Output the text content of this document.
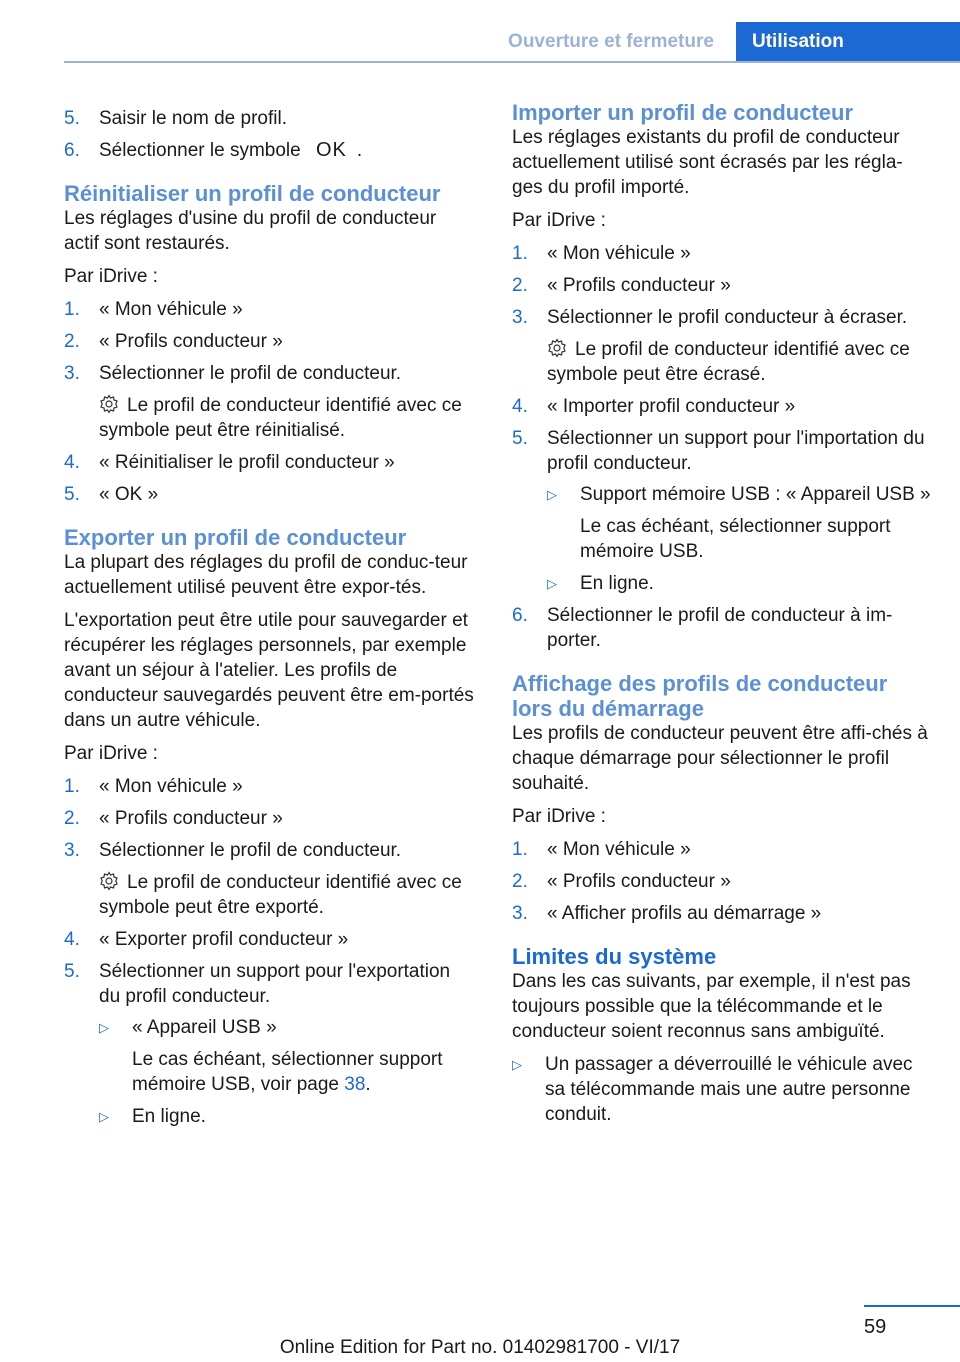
Ouverture et fermeture	Utilisation
5. Saisir le nom de profil.
6. Sélectionner le symbole OK .
Réinitialiser un profil de conducteur

Les réglages d'usine du profil de conducteur actif sont restaurés.

Par iDrive :

1. « Mon véhicule »
2. « Profils conducteur »
3. Sélectionner le profil de conducteur.
Le profil de conducteur identifié avec ce symbole peut être réinitialisé.
4. « Réinitialiser le profil conducteur »
5. « OK »
Exporter un profil de conducteur

La plupart des réglages du profil de conduc‐teur actuellement utilisé peuvent être expor‐tés.

L'exportation peut être utile pour sauvegarder et récupérer les réglages personnels, par exemple avant un séjour à l'atelier. Les profils de conducteur sauvegardés peuvent être em‐portés dans un autre véhicule.

Par iDrive :

1. « Mon véhicule »
2. « Profils conducteur »
3. Sélectionner le profil de conducteur.
Le profil de conducteur identifié avec ce symbole peut être exporté.
4. « Exporter profil conducteur »
5. Sélectionner un support pour l'exportation du profil conducteur.
▷ « Appareil USB »
Le cas échéant, sélectionner support mémoire USB, voir page 38.
▷ En ligne.
Importer un profil de conducteur

Les réglages existants du profil de conducteur actuellement utilisé sont écrasés par les régla‐ges du profil importé.

Par iDrive :

1. « Mon véhicule »
2. « Profils conducteur »
3. Sélectionner le profil conducteur à écraser.
Le profil de conducteur identifié avec ce symbole peut être écrasé.
4. « Importer profil conducteur »
5. Sélectionner un support pour l'importation du profil conducteur.
▷ Support mémoire USB : « Appareil USB »
Le cas échéant, sélectionner support mémoire USB.
▷ En ligne.
6. Sélectionner le profil de conducteur à im‐porter.
Affichage des profils de conducteur lors du démarrage

Les profils de conducteur peuvent être affi‐chés à chaque démarrage pour sélectionner le profil souhaité.

Par iDrive :

1. « Mon véhicule »
2. « Profils conducteur »
3. « Afficher profils au démarrage »
Limites du système

Dans les cas suivants, par exemple, il n'est pas toujours possible que la télécommande et le conducteur soient reconnus sans ambiguïté.

▷ Un passager a déverrouillé le véhicule avec sa télécommande mais une autre personne conduit.
59
Online Edition for Part no. 01402981700 - VI/17
